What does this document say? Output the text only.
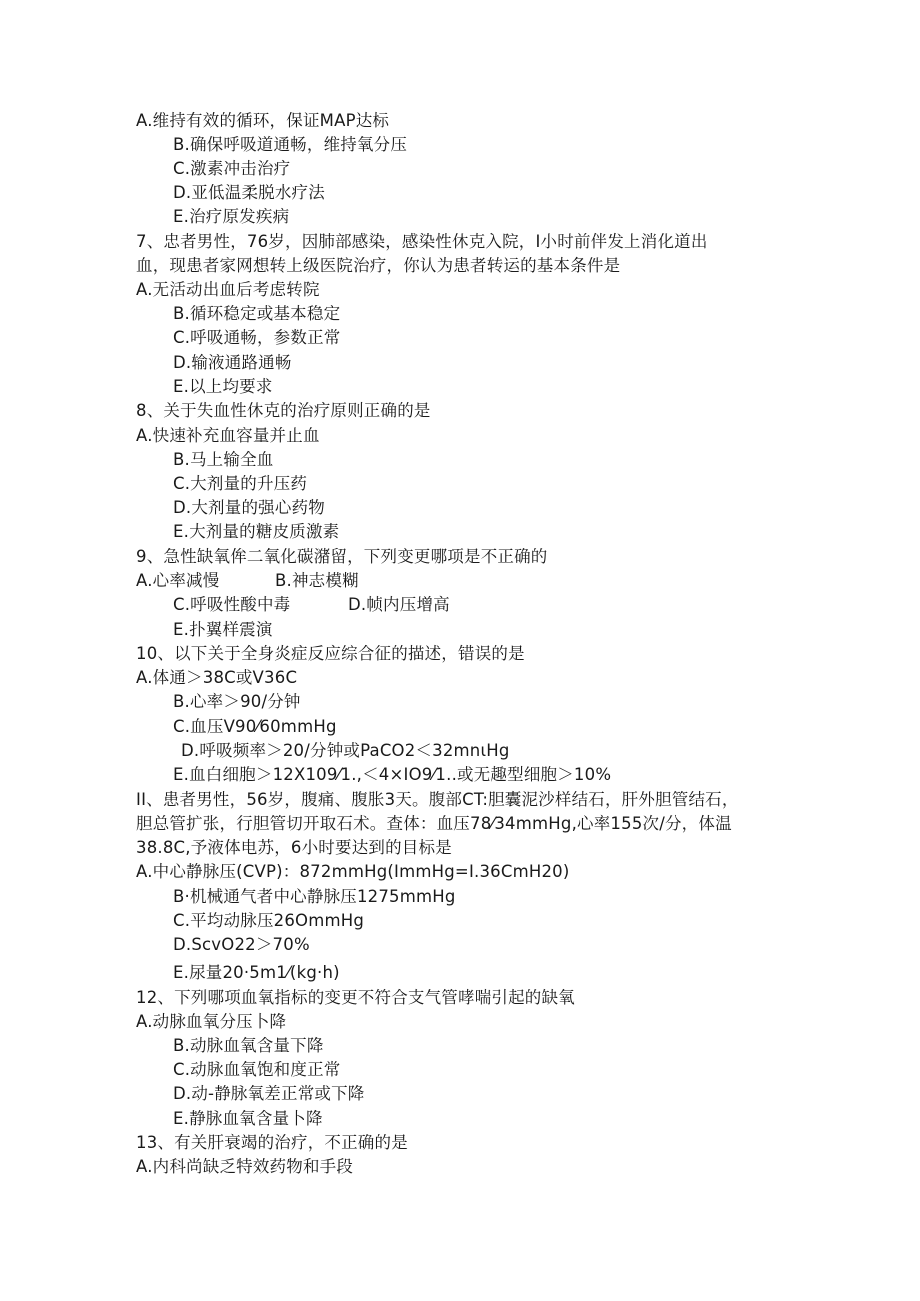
A.维持有效的循环，保证MAP达标
B.确保呼吸道通畅，维持氧分压
C.激素冲击治疗
D.亚低温柔脱水疗法
E.治疗原发疾病
7、忠者男性，76岁，因肺部感染，感染性休克入院，I小时前伴发上消化道出
血，现患者家网想转上级医院治疗，你认为患者转运的基本条件是
A.无活动出血后考虑转院
B.循环稳定或基本稳定
C.呼吸通畅，参数正常
D.输液通路通畅
E.以上均要求
8、关于失血性休克的治疗原则正确的是
A.快速补充血容量并止血
B.马上输全血
C.大剂量的升压药
D.大剂量的强心药物
E.大剂量的糖皮质激素
9、急性缺氧侔二氧化碳潴留，下列变更哪项是不正确的
A.心率减慢	B.神志模糊
C.呼吸性酸中毒	D.帧内压增高
E.扑翼样震演
10、以下关于全身炎症反应综合征的描述，错误的是
A.体通＞38C或V36C
B.心率＞90/分钟
C.血压V90⁄60mmHg
D.呼吸频率＞20/分钟或PaCO2＜32mnιHg
E.血白细胞＞12X109⁄1.,＜4×IO9⁄1..或无趣型细胞＞10%
II、患者男性，56岁，腹痛、腹胀3天。腹部CT:胆囊泥沙样结石，肝外胆管结石，
胆总管扩张，行胆管切开取石术。查体：血压78⁄34mmHg,心率155次/分，体温
38.8C,予液体电苏，6小时要达到的目标是
A.中心静脉压(CVP)：872mmHg(ImmHg=I.36CmH20)
B·机械通气者中心静脉压1275mmHg
C.平均动脉压26OmmHg
D.ScvO22＞70%
E.尿量20·5m1⁄(kg·h)
12、下列哪项血氧指标的变更不符合支气管哮喘引起的缺氧
A.动脉血氧分压卜降
B.动脉血氧含量下降
C.动脉血氧饱和度正常
D.动-静脉氧差正常或下降
E.静脉血氧含量卜降
13、有关肝衰竭的治疗，不正确的是
A.内科尚缺乏特效药物和手段
